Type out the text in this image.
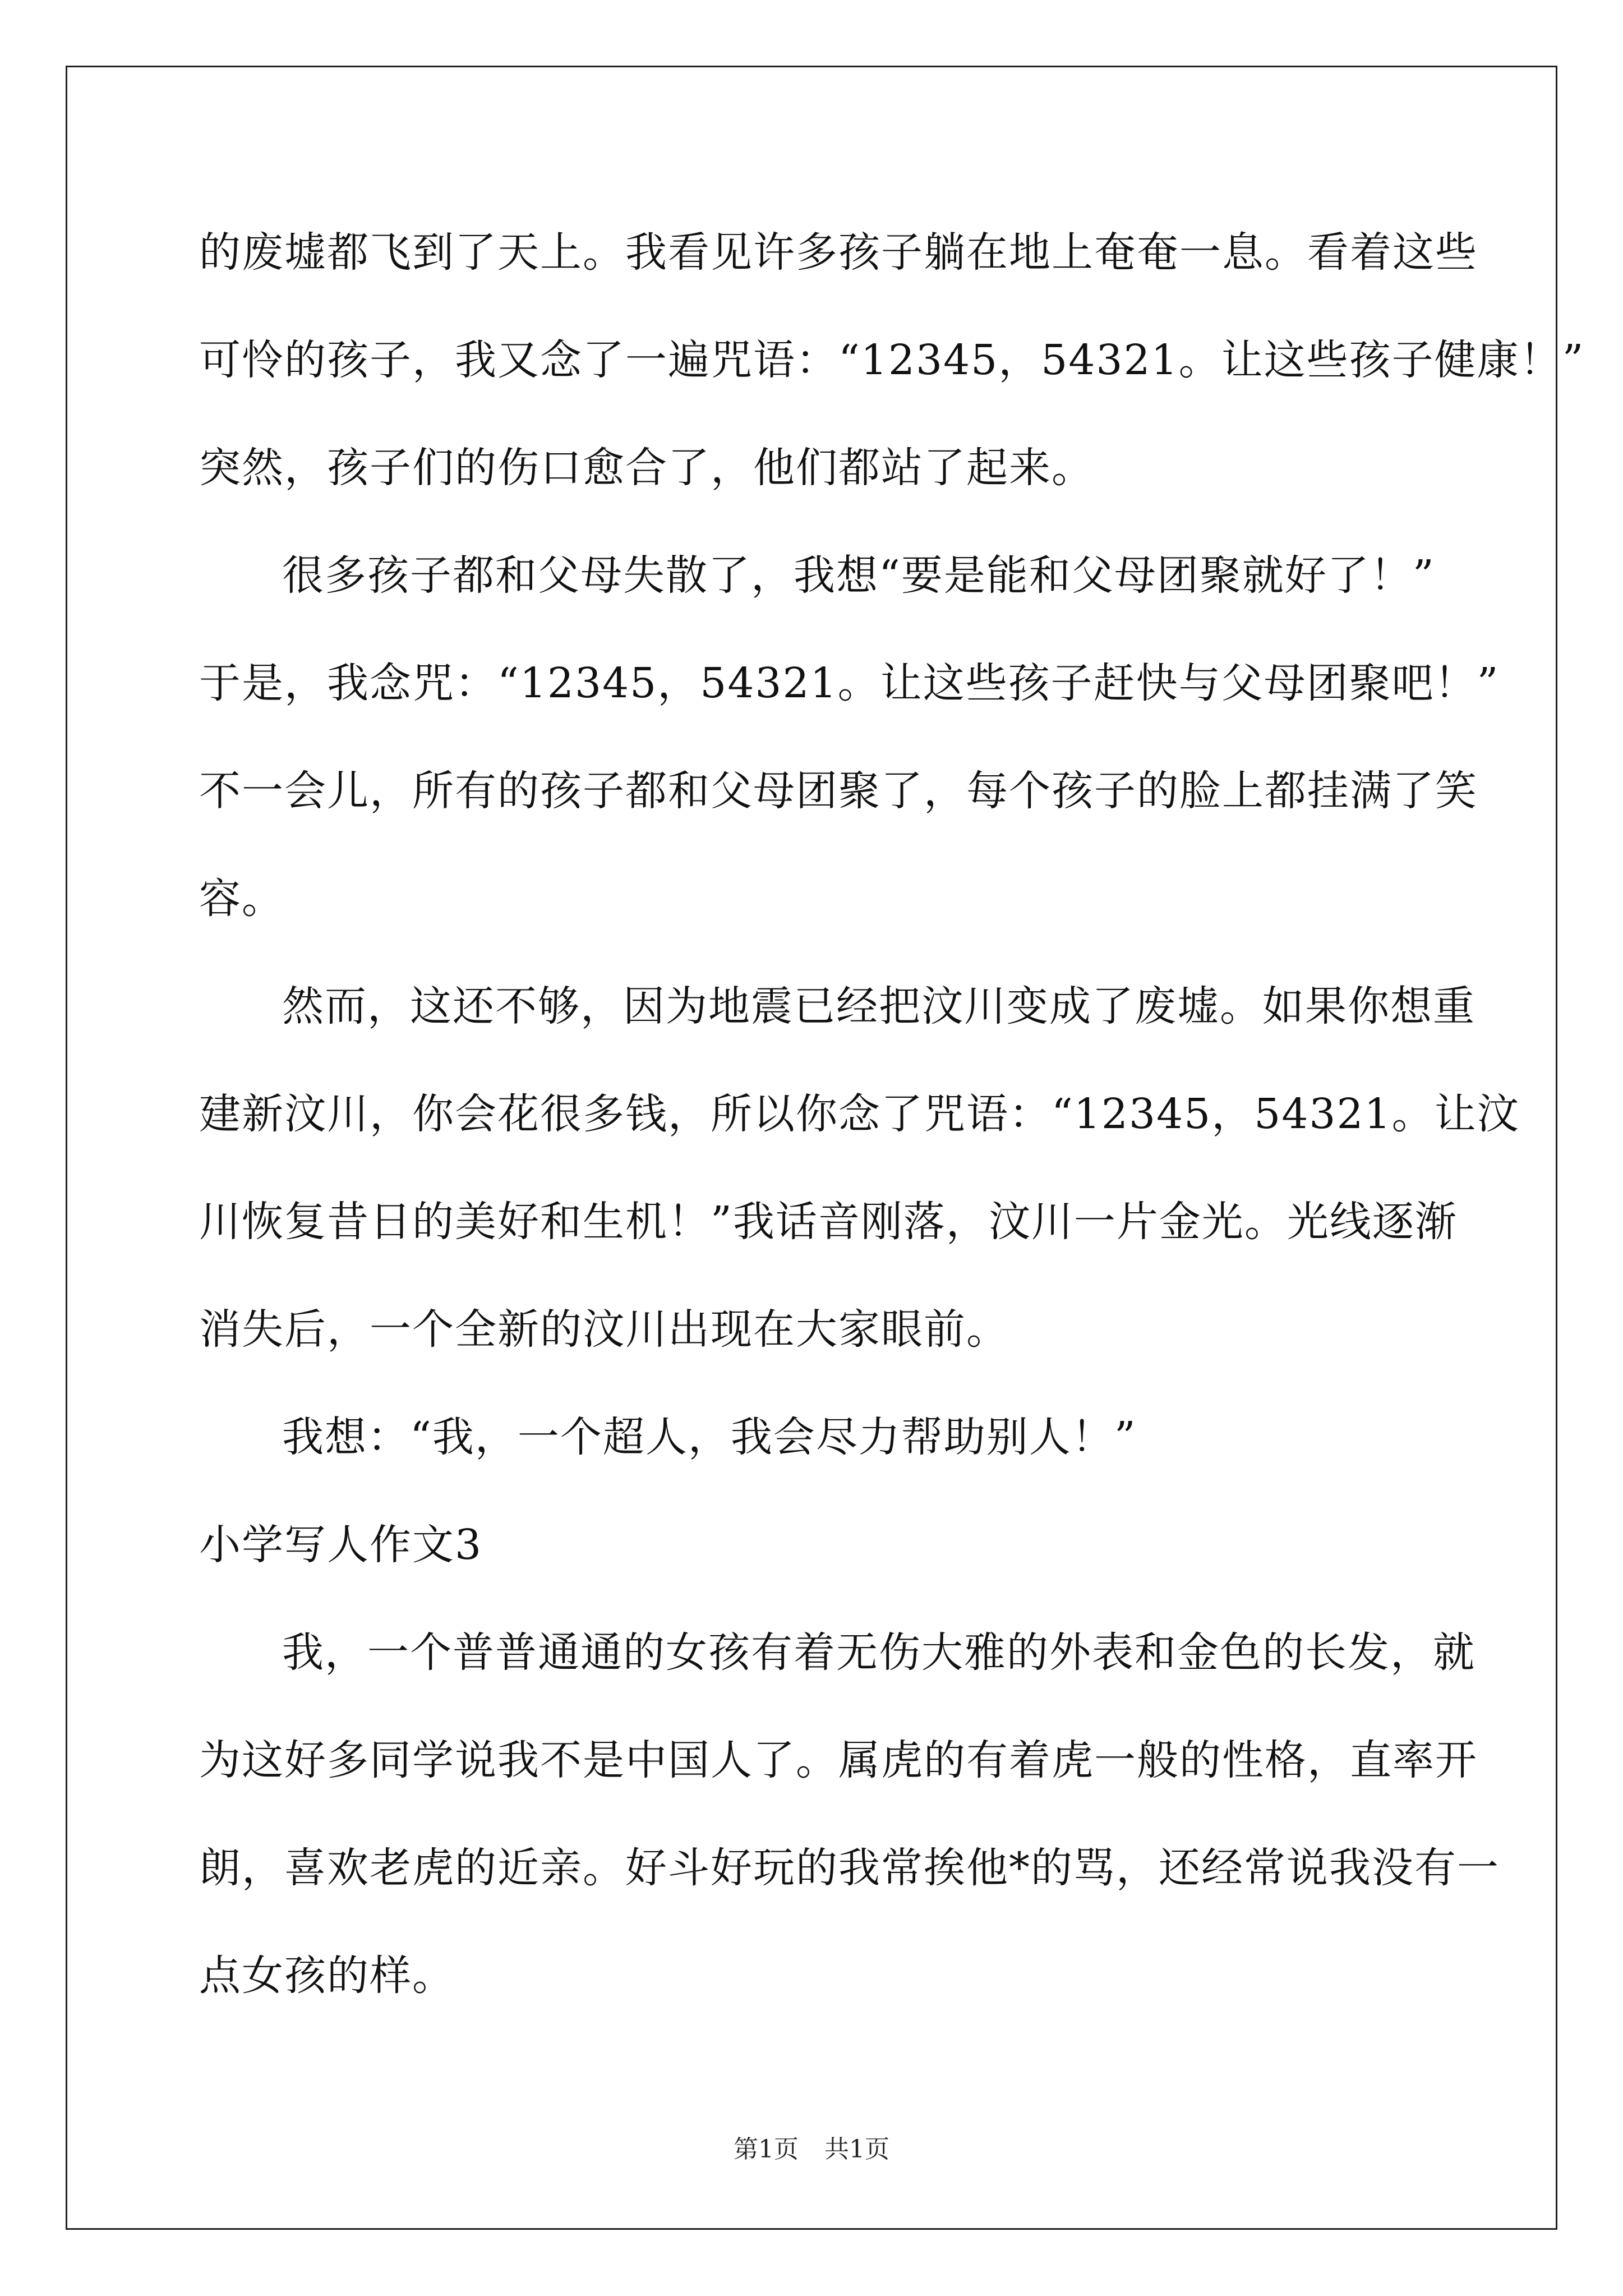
的废墟都飞到了天上。我看见许多孩子躺在地上奄奄一息。看着这些
可怜的孩子，我又念了一遍咒语：“12345，54321。让这些孩子健康！”
突然，孩子们的伤口愈合了，他们都站了起来。
很多孩子都和父母失散了，我想“要是能和父母团聚就好了！”
于是，我念咒：“12345，54321。让这些孩子赶快与父母团聚吧！”
不一会儿，所有的孩子都和父母团聚了，每个孩子的脸上都挂满了笑
容。
然而，这还不够，因为地震已经把汶川变成了废墟。如果你想重
建新汶川，你会花很多钱，所以你念了咒语：“12345，54321。让汶
川恢复昔日的美好和生机！”我话音刚落，汶川一片金光。光线逐渐
消失后，一个全新的汶川出现在大家眼前。
我想：“我，一个超人，我会尽力帮助别人！”
小学写人作文3
我，一个普普通通的女孩有着无伤大雅的外表和金色的长发，就
为这好多同学说我不是中国人了。属虎的有着虎一般的性格，直率开
朗，喜欢老虎的近亲。好斗好玩的我常挨他*的骂，还经常说我没有一
点女孩的样。
第1页 共1页
